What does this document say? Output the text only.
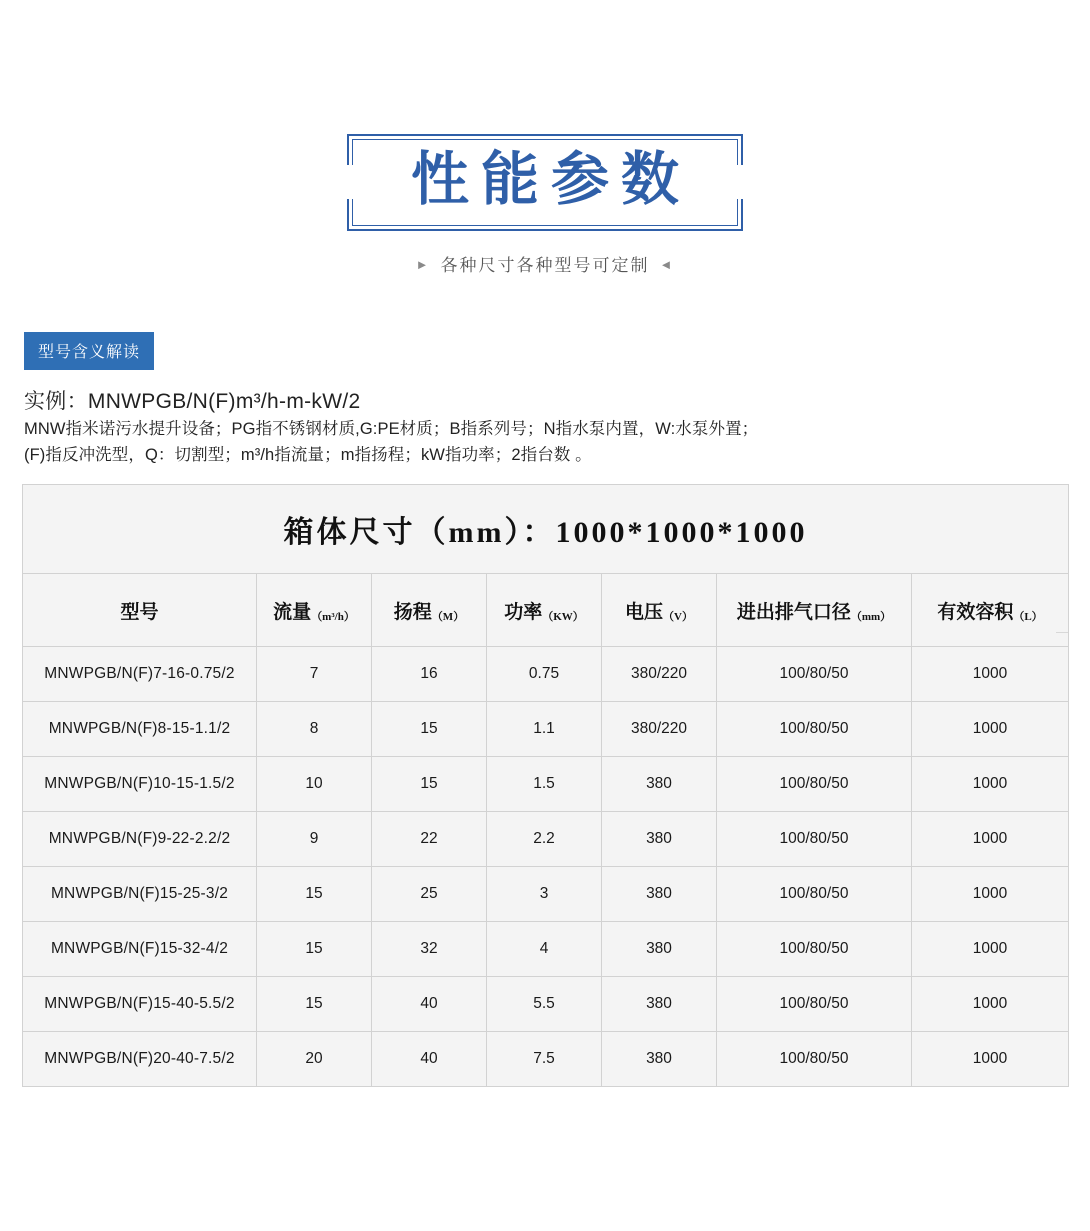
性能参数
► 各种尺寸各种型号可定制 ◄
型号含义解读
实例：MNWPGB/N(F)m³/h-m-kW/2
MNW指米诺污水提升设备；PG指不锈钢材质,G:PE材质；B指系列号；N指水泵内置，W:水泵外置；
(F)指反冲洗型，Q：切割型；m³/h指流量；m指扬程；kW指功率；2指台数 。
箱体尺寸（mm）：1000*1000*1000						
型号	流量（m³/h）	扬程（M）	功率（KW）	电压（V）	进出排气口径（mm）	有效容积（L）
MNWPGB/N(F)7-16-0.75/2	7	16	0.75	380/220	100/80/50	1000
MNWPGB/N(F)8-15-1.1/2	8	15	1.1	380/220	100/80/50	1000
MNWPGB/N(F)10-15-1.5/2	10	15	1.5	380	100/80/50	1000
MNWPGB/N(F)9-22-2.2/2	9	22	2.2	380	100/80/50	1000
MNWPGB/N(F)15-25-3/2	15	25	3	380	100/80/50	1000
MNWPGB/N(F)15-32-4/2	15	32	4	380	100/80/50	1000
MNWPGB/N(F)15-40-5.5/2	15	40	5.5	380	100/80/50	1000
MNWPGB/N(F)20-40-7.5/2	20	40	7.5	380	100/80/50	1000
